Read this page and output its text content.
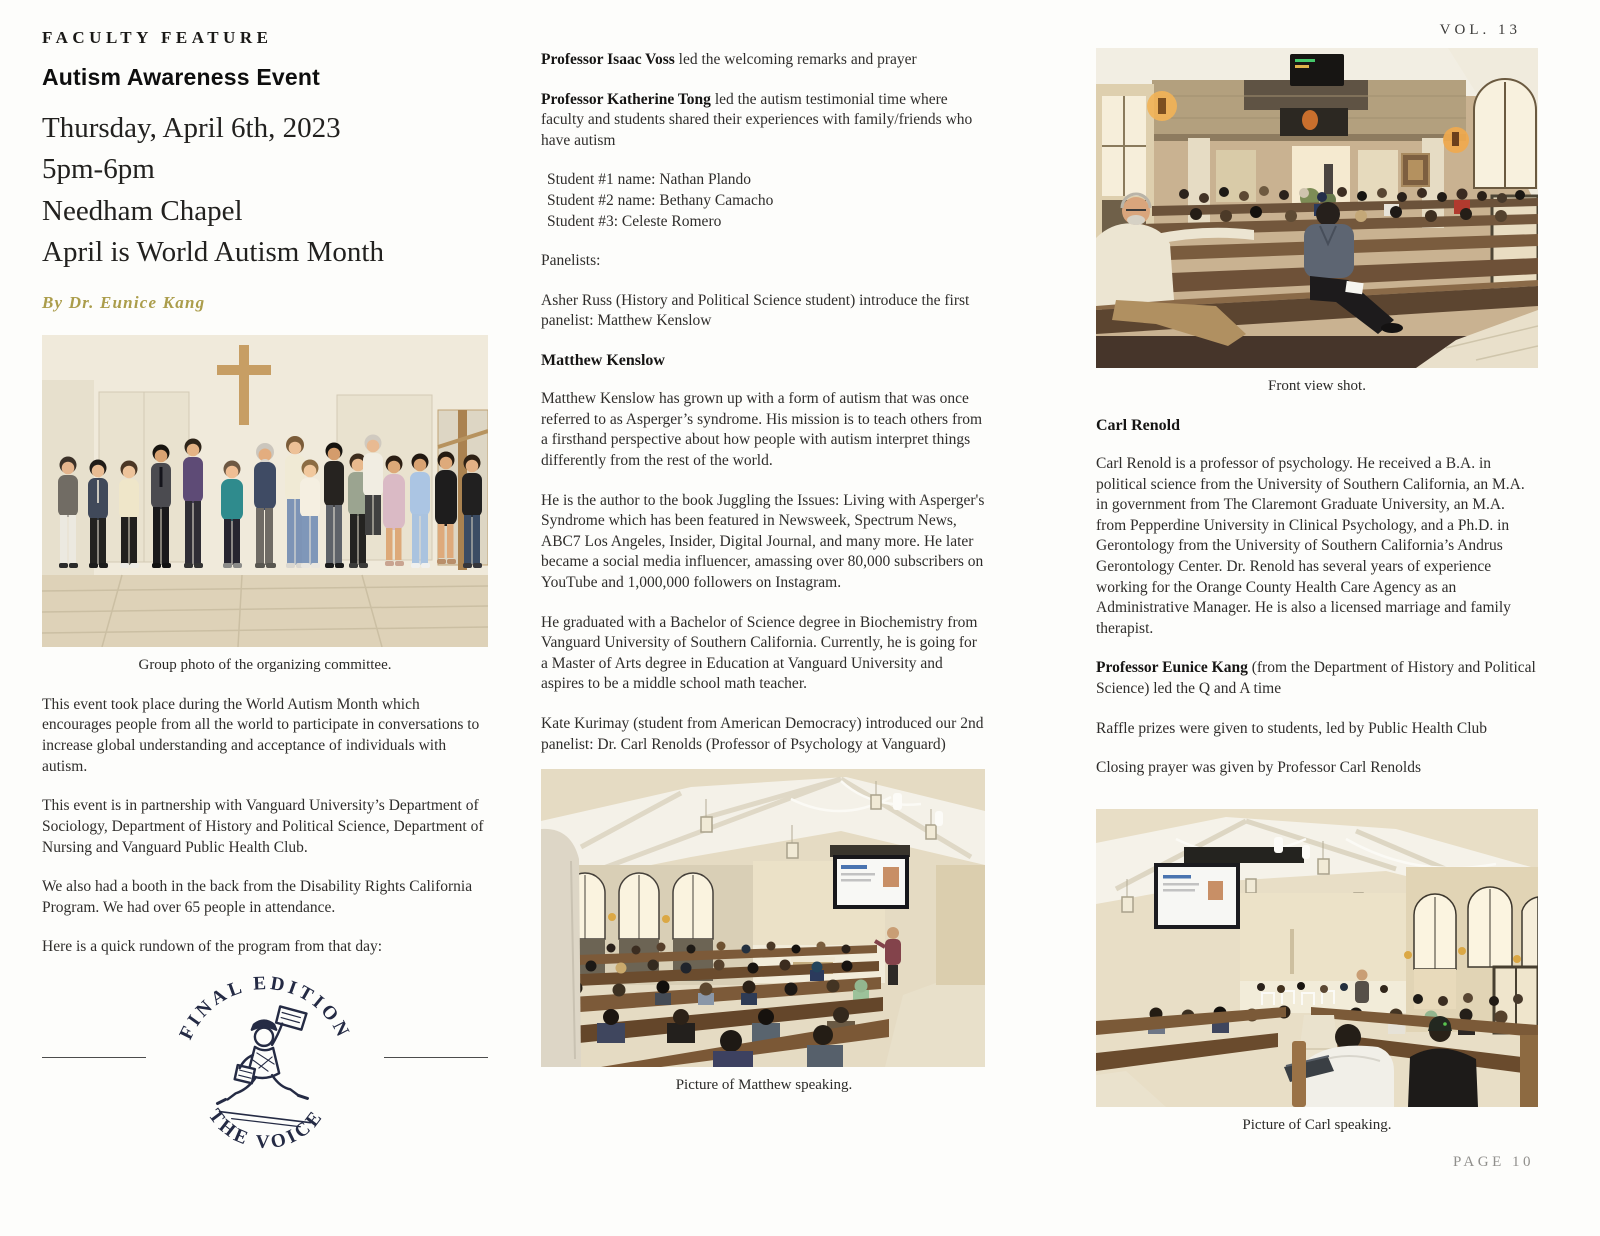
VOL. 13
FACULTY FEATURE
Autism Awareness Event
Thursday, April 6th, 2023
5pm-6pm
Needham Chapel
April is World Autism Month
By Dr. Eunice Kang
Group photo of the organizing committee.

This event took place during the World Autism Month which encourages people from all the world to participate in conversations to increase global understanding and acceptance of individuals with autism.

This event is in partnership with Vanguard University’s Department of Sociology, Department of History and Political Science, Department of Nursing and Vanguard Public Health Club.

We also had a booth in the back from the Disability Rights California Program. We had over 65 people in attendance.

Here is a quick rundown of the program from that day:

FINAL EDITION
THE VOICE

Professor Isaac Voss led the welcoming remarks and prayer

Professor Katherine Tong led the autism testimonial time where faculty and students shared their experiences with family/friends who have autism

Student #1 name: Nathan Plando
Student #2 name: Bethany Camacho
Student #3: Celeste Romero

Panelists:

Asher Russ (History and Political Science student) introduce the first panelist: Matthew Kenslow

Matthew Kenslow

Matthew Kenslow has grown up with a form of autism that was once referred to as Asperger’s syndrome. His mission is to teach others from a firsthand perspective about how people with autism interpret things differently from the rest of the world.

He is the author to the book Juggling the Issues: Living with Asperger's Syndrome which has been featured in Newsweek, Spectrum News, ABC7 Los Angeles, Insider, Digital Journal, and many more. He later became a social media influencer, amassing over 80,000 subscribers on YouTube and 1,000,000 followers on Instagram.

He graduated with a Bachelor of Science degree in Biochemistry from Vanguard University of Southern California. Currently, he is going for a Master of Arts degree in Education at Vanguard University and aspires to be a middle school math teacher.

Kate Kurimay (student from American Democracy) introduced our 2nd panelist: Dr. Carl Renolds (Professor of Psychology at Vanguard)

Picture of Matthew speaking.
Front view shot.
Carl Renold

Carl Renold is a professor of psychology. He received a B.A. in political science from the University of Southern California, an M.A. in government from The Claremont Graduate University, an M.A. from Pepperdine University in Clinical Psychology, and a Ph.D. in Gerontology from the University of Southern California’s Andrus Gerontology Center. Dr. Renold has several years of experience working for the Orange County Health Care Agency as an Administrative Manager. He is also a licensed marriage and family therapist.

Professor Eunice Kang (from the Department of History and Political Science) led the Q and A time

Raffle prizes were given to students, led by Public Health Club

Closing prayer was given by Professor Carl Renolds

Picture of Carl speaking.
PAGE 10
